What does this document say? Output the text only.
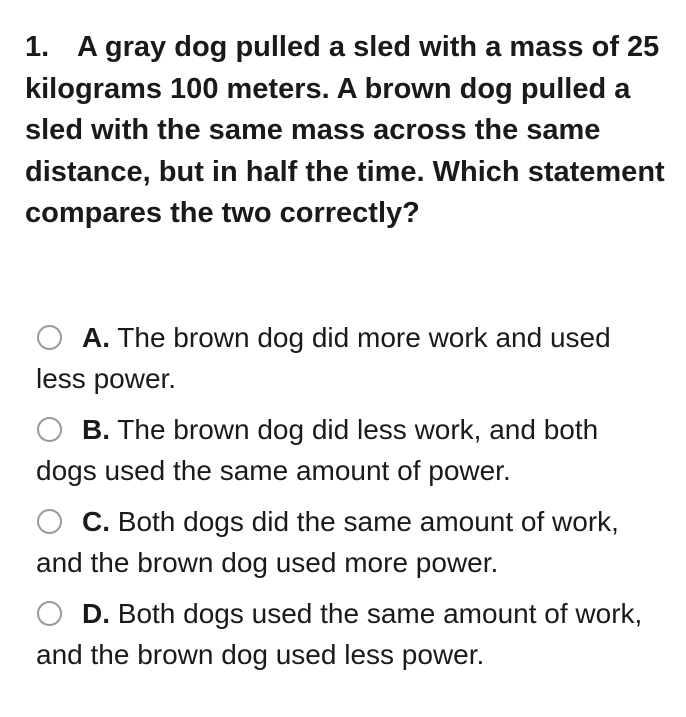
1. A gray dog pulled a sled with a mass of 25 kilograms 100 meters. A brown dog pulled a sled with the same mass across the same distance, but in half the time. Which statement compares the two correctly?

A. The brown dog did more work and used less power.
B. The brown dog did less work, and both dogs used the same amount of power.
C. Both dogs did the same amount of work, and the brown dog used more power.
D. Both dogs used the same amount of work, and the brown dog used less power.
